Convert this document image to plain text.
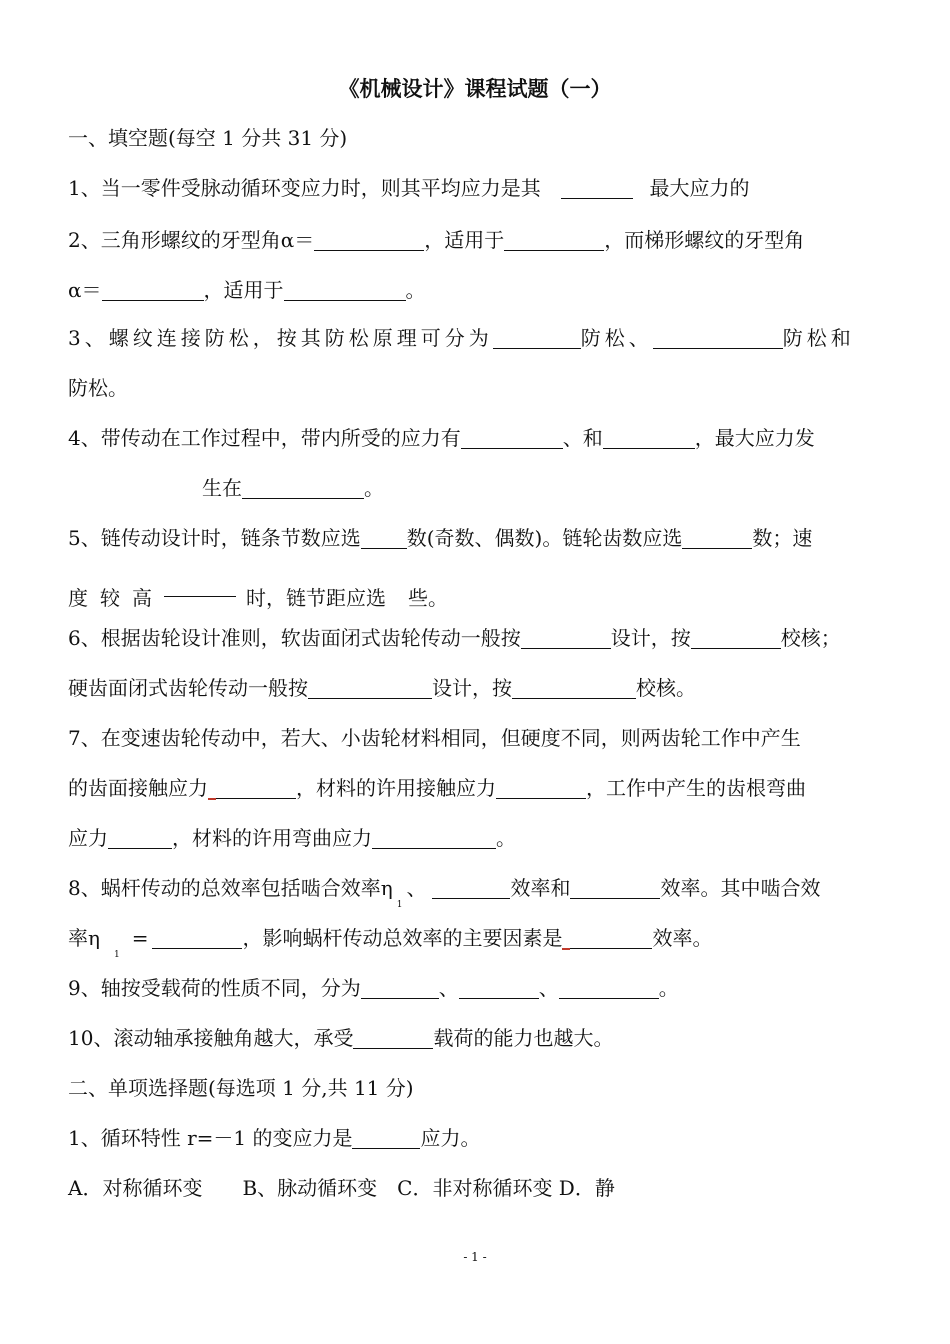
《机械设计》课程试题（一）
一、填空题(每空 1 分共 31 分)
1、当一零件受脉动循环变应力时，则其平均应力是其	最大应力的
2、三角形螺纹的牙型角α＝	，适用于	，而梯形螺纹的牙型角
α＝	，适用于	。
3、螺纹连接防松，按其防松原理可分为	防松、	防松和
防松。
4、带传动在工作过程中，带内所受的应力有	、和	，最大应力发
生在	。
5、链传动设计时，链条节数应选 数(奇数、偶数)。链轮齿数应选	数；速
度较高	时，链节距应选 些。
6、根据齿轮设计准则，软齿面闭式齿轮传动一般按	设计，按	校核；
硬齿面闭式齿轮传动一般按	设计，按	校核。
7、在变速齿轮传动中，若大、小齿轮材料相同，但硬度不同，则两齿轮工作中产生
的齿面接触应力	，材料的许用接触应力	，工作中产生的齿根弯曲
应力	，材料的许用弯曲应力	。
8、蜗杆传动的总效率包括啮合效率$\eta_1$、	效率和	效率。其中啮合效
率$\eta_1=$	，影响蜗杆传动总效率的主要因素是	效率。
9、轴按受载荷的性质不同，分为	、	、	。
10、滚动轴承接触角越大，承受	载荷的能力也越大。
二、单项选择题(每选项 1 分,共 11 分)
1、循环特性 r=－1 的变应力是	应力。
A．对称循环变　　B、脉动循环变　C．非对称循环变 D．静
- 1 -
